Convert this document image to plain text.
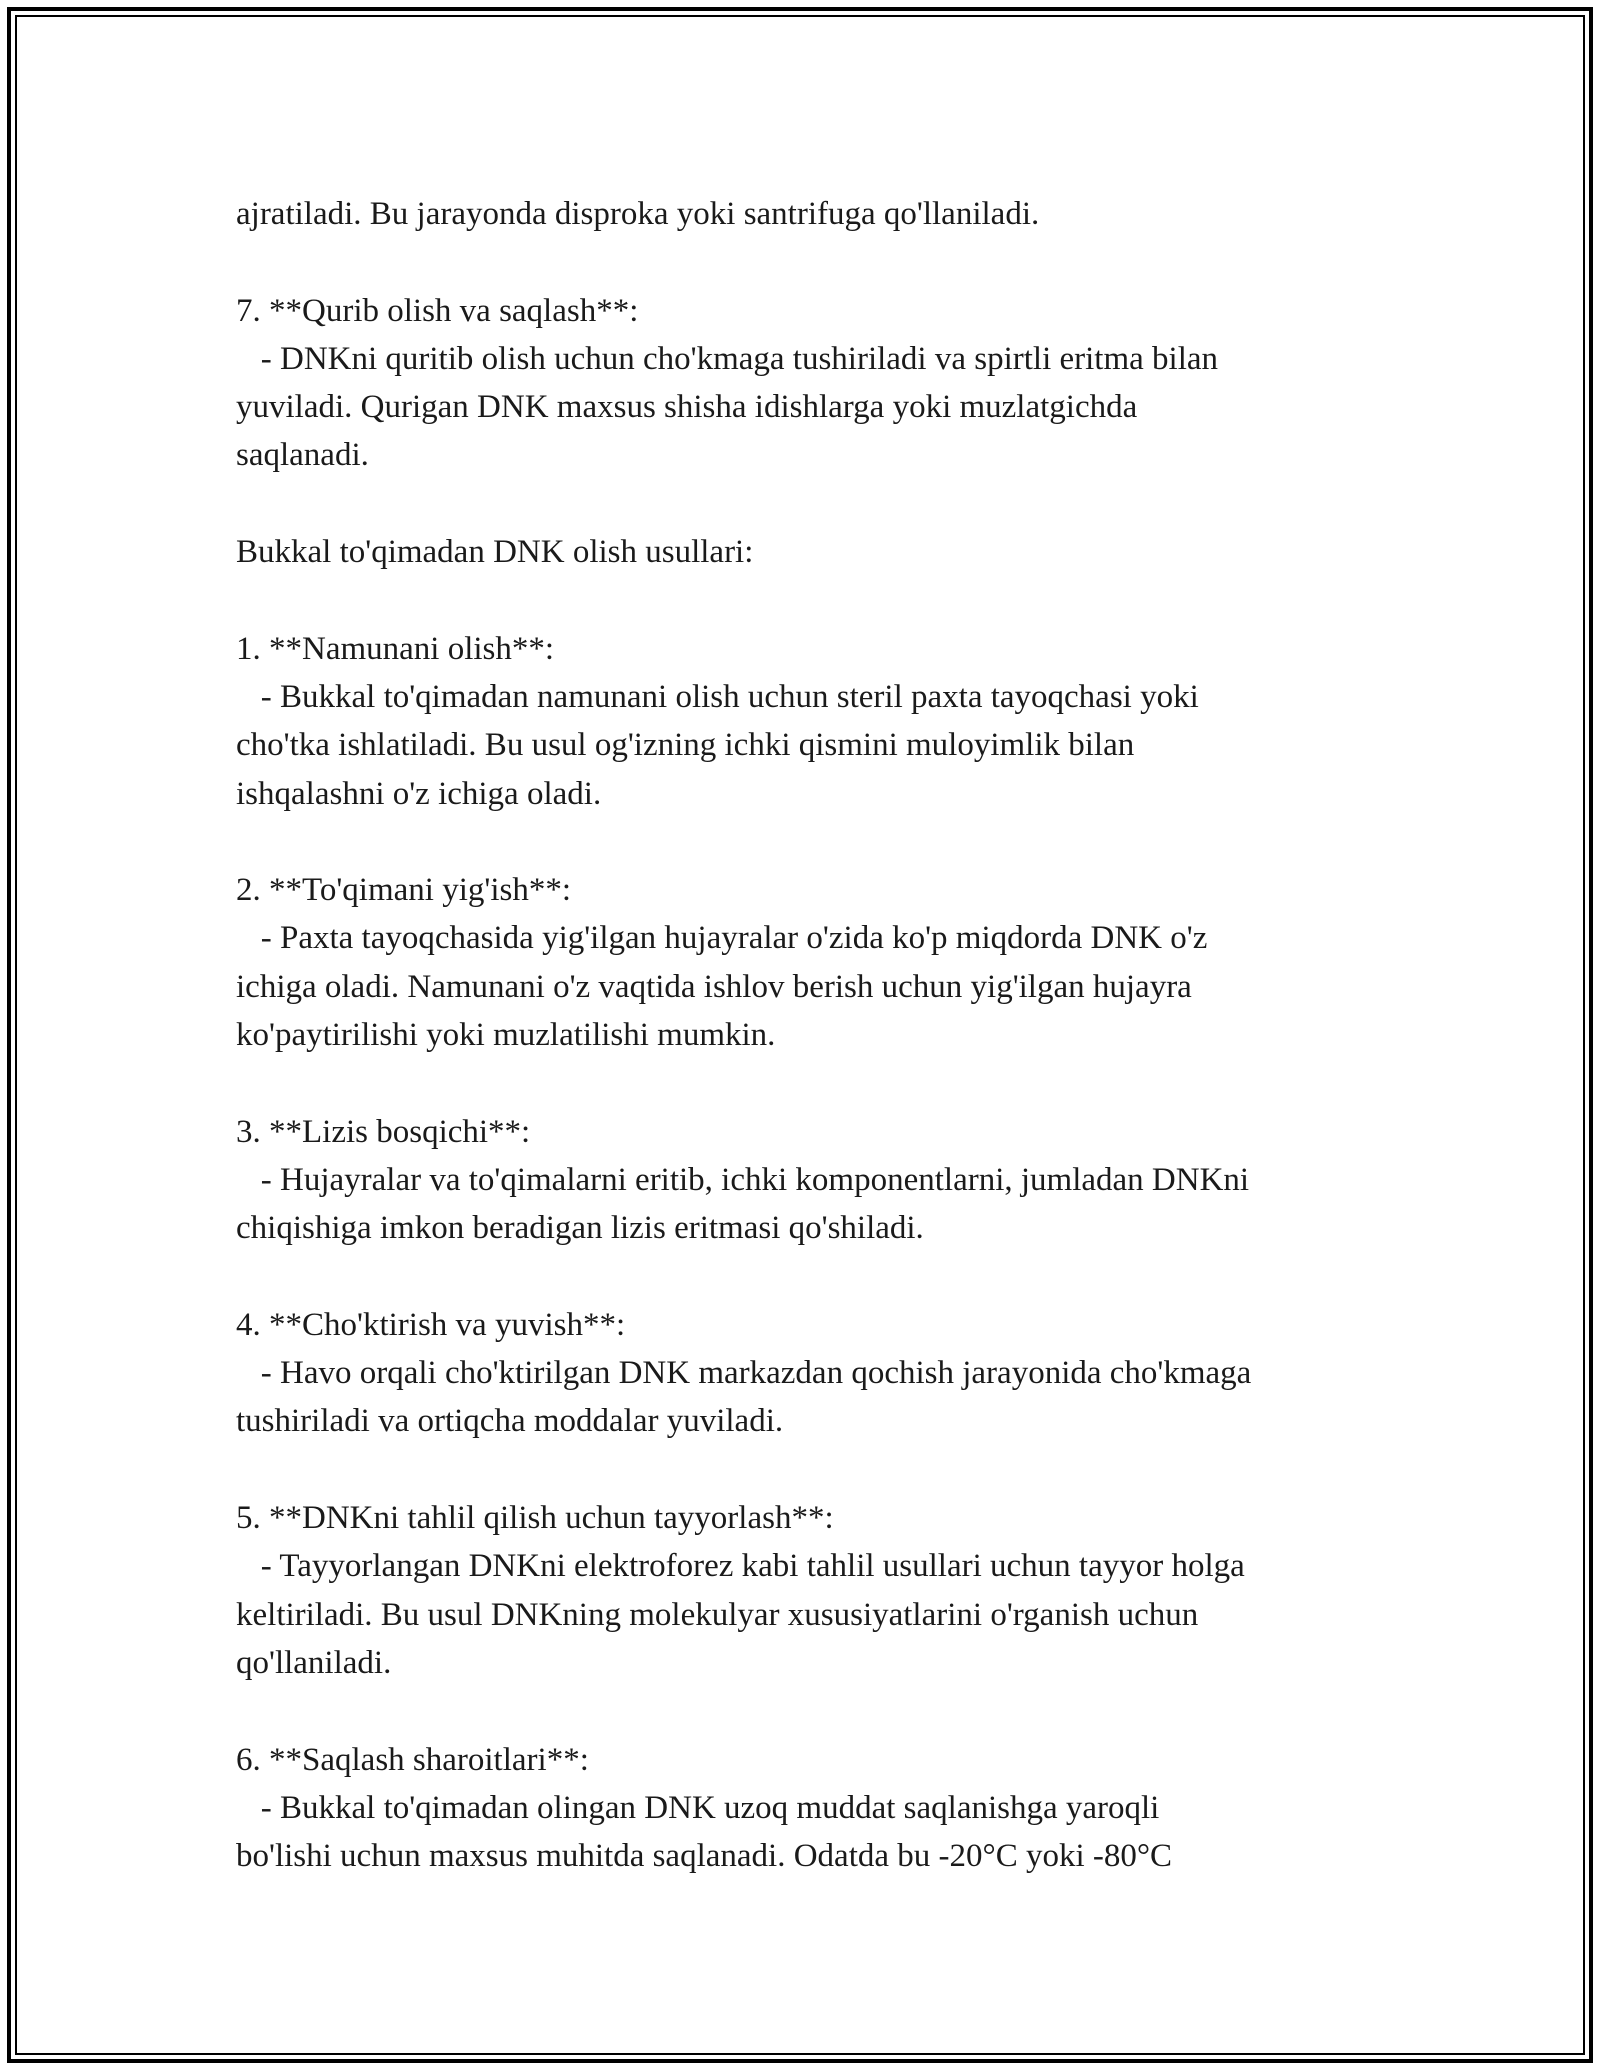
ajratiladi. Bu jarayonda disproka yoki santrifuga qo'llaniladi.
7. **Qurib olish va saqlash**:
- DNKni quritib olish uchun cho'kmaga tushiriladi va spirtli eritma bilan
yuviladi. Qurigan DNK maxsus shisha idishlarga yoki muzlatgichda
saqlanadi.
Bukkal to'qimadan DNK olish usullari:
1. **Namunani olish**:
- Bukkal to'qimadan namunani olish uchun steril paxta tayoqchasi yoki
cho'tka ishlatiladi. Bu usul og'izning ichki qismini muloyimlik bilan
ishqalashni o'z ichiga oladi.
2. **To'qimani yig'ish**:
- Paxta tayoqchasida yig'ilgan hujayralar o'zida ko'p miqdorda DNK o'z
ichiga oladi. Namunani o'z vaqtida ishlov berish uchun yig'ilgan hujayra
ko'paytirilishi yoki muzlatilishi mumkin.
3. **Lizis bosqichi**:
- Hujayralar va to'qimalarni eritib, ichki komponentlarni, jumladan DNKni
chiqishiga imkon beradigan lizis eritmasi qo'shiladi.
4. **Cho'ktirish va yuvish**:
- Havo orqali cho'ktirilgan DNK markazdan qochish jarayonida cho'kmaga
tushiriladi va ortiqcha moddalar yuviladi.
5. **DNKni tahlil qilish uchun tayyorlash**:
- Tayyorlangan DNKni elektroforez kabi tahlil usullari uchun tayyor holga
keltiriladi. Bu usul DNKning molekulyar xususiyatlarini o'rganish uchun
qo'llaniladi.
6. **Saqlash sharoitlari**:
- Bukkal to'qimadan olingan DNK uzoq muddat saqlanishga yaroqli
bo'lishi uchun maxsus muhitda saqlanadi. Odatda bu -20°C yoki -80°C
